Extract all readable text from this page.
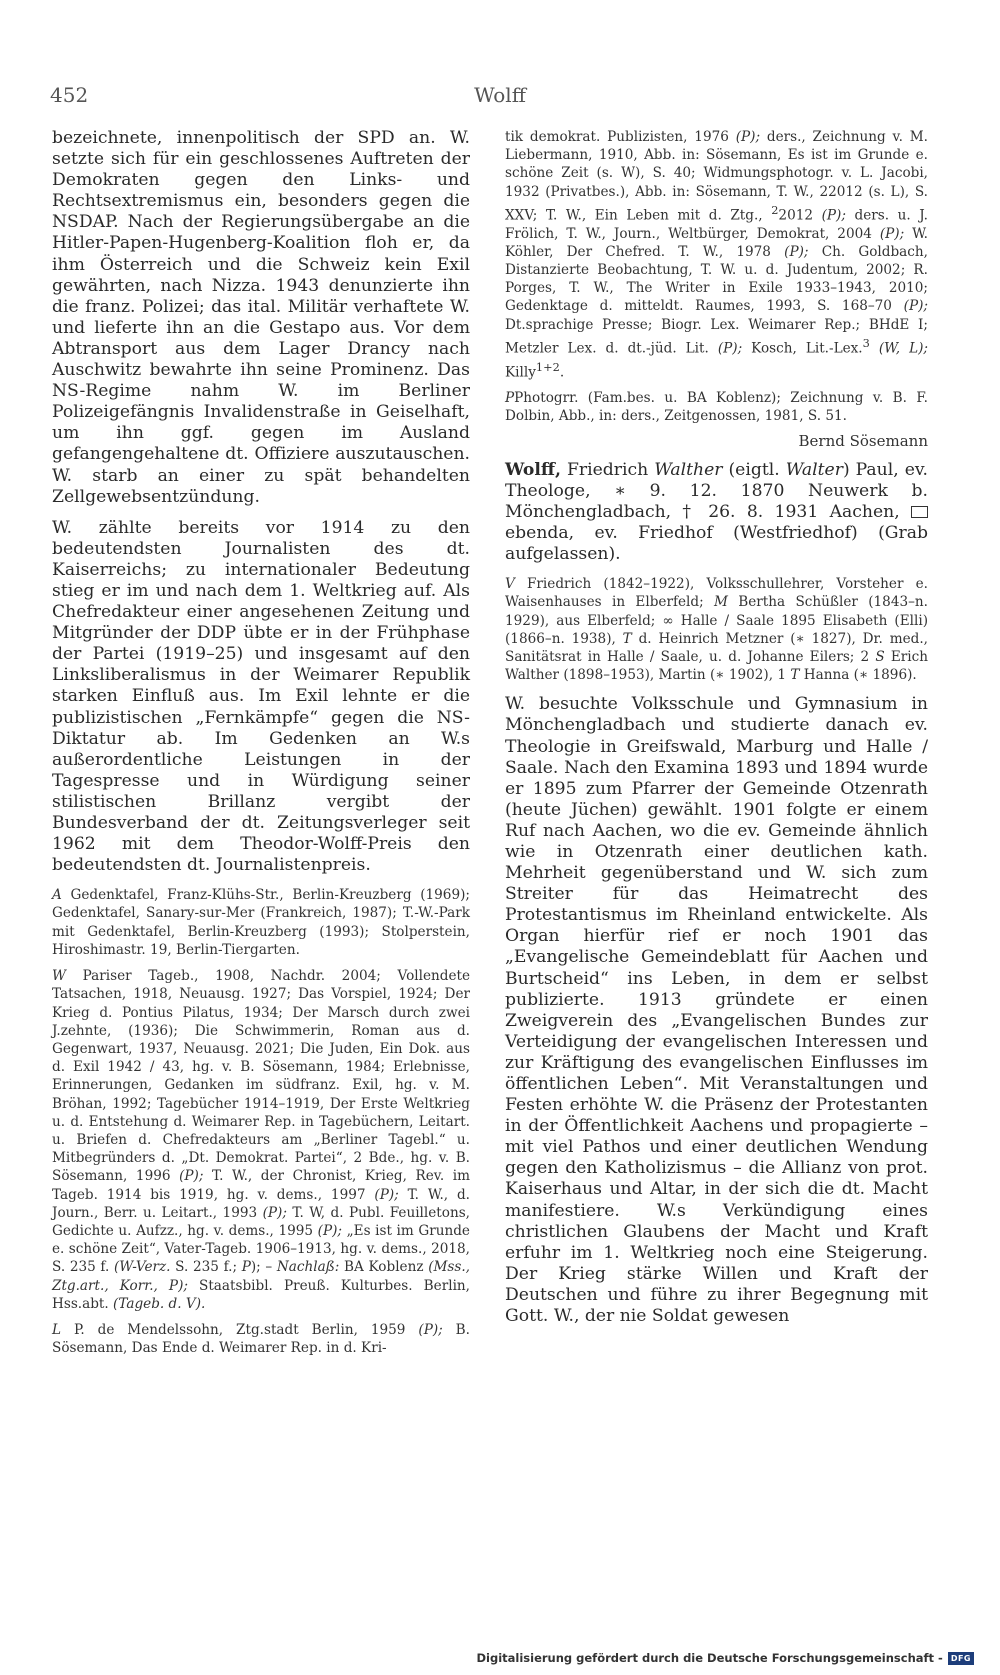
452	Wolff

bezeichnete, innenpolitisch der SPD an. W. setzte sich für ein geschlossenes Auftreten der Demokraten gegen den Links- und Rechtsextremismus ein, besonders gegen die NSDAP. Nach der Regierungsübergabe an die Hitler-Papen-Hugenberg-Koalition floh er, da ihm Österreich und die Schweiz kein Exil gewährten, nach Nizza. 1943 denunzierte ihn die franz. Polizei; das ital. Militär verhaftete W. und lieferte ihn an die Gestapo aus. Vor dem Abtransport aus dem Lager Drancy nach Auschwitz bewahrte ihn seine Prominenz. Das NS-Regime nahm W. im Berliner Polizeigefängnis Invalidenstraße in Geiselhaft, um ihn ggf. gegen im Ausland gefangengehaltene dt. Offiziere auszutauschen. W. starb an einer zu spät behandelten Zellgewebsentzündung.

W. zählte bereits vor 1914 zu den bedeutendsten Journalisten des dt. Kaiserreichs; zu internationaler Bedeutung stieg er im und nach dem 1. Weltkrieg auf. Als Chefredakteur einer angesehenen Zeitung und Mitgründer der DDP übte er in der Frühphase der Partei (1919–25) und insgesamt auf den Linksliberalismus in der Weimarer Republik starken Einfluß aus. Im Exil lehnte er die publizistischen „Fernkämpfe“ gegen die NS-Diktatur ab. Im Gedenken an W.s außerordentliche Leistungen in der Tagespresse und in Würdigung seiner stilistischen Brillanz vergibt der Bundesverband der dt. Zeitungsverleger seit 1962 mit dem Theodor-Wolff-Preis den bedeutendsten dt. Journalistenpreis.

A Gedenktafel, Franz-Klühs-Str., Berlin-Kreuzberg (1969); Gedenktafel, Sanary-sur-Mer (Frankreich, 1987); T.-W.-Park mit Gedenktafel, Berlin-Kreuzberg (1993); Stolperstein, Hiroshimastr. 19, Berlin-Tiergarten.

W Pariser Tageb., 1908, Nachdr. 2004; Vollendete Tatsachen, 1918, Neuausg. 1927; Das Vorspiel, 1924; Der Krieg d. Pontius Pilatus, 1934; Der Marsch durch zwei J.zehnte, (1936); Die Schwimmerin, Roman aus d. Gegenwart, 1937, Neuausg. 2021; Die Juden, Ein Dok. aus d. Exil 1942 / 43, hg. v. B. Sösemann, 1984; Erlebnisse, Erinnerungen, Gedanken im südfranz. Exil, hg. v. M. Bröhan, 1992; Tagebücher 1914–1919, Der Erste Weltkrieg u. d. Entstehung d. Weimarer Rep. in Tagebüchern, Leitart. u. Briefen d. Chefredakteurs am „Berliner Tagebl.“ u. Mitbegründers d. „Dt. Demokrat. Partei“, 2 Bde., hg. v. B. Sösemann, 1996 (P); T. W., der Chronist, Krieg, Rev. im Tageb. 1914 bis 1919, hg. v. dems., 1997 (P); T. W., d. Journ., Berr. u. Leitart., 1993 (P); T. W, d. Publ. Feuilletons, Gedichte u. Aufzz., hg. v. dems., 1995 (P); „Es ist im Grunde e. schöne Zeit“, Vater-Tageb. 1906–1913, hg. v. dems., 2018, S. 235 f. (W-Verz. S. 235 f.; P); – Nachlaß: BA Koblenz (Mss., Ztg.art., Korr., P); Staatsbibl. Preuß. Kulturbes. Berlin, Hss.abt. (Tageb. d. V).

L P. de Mendelssohn, Ztg.stadt Berlin, 1959 (P); B. Sösemann, Das Ende d. Weimarer Rep. in d. Kri-

tik demokrat. Publizisten, 1976 (P); ders., Zeichnung v. M. Liebermann, 1910, Abb. in: Sösemann, Es ist im Grunde e. schöne Zeit (s. W), S. 40; Widmungsphotogr. v. L. Jacobi, 1932 (Privatbes.), Abb. in: Sösemann, T. W., 22012 (s. L), S. XXV; T. W., Ein Leben mit d. Ztg., $^2$2012 (P); ders. u. J. Frölich, T. W., Journ., Weltbürger, Demokrat, 2004 (P); W. Köhler, Der Chefred. T. W., 1978 (P); Ch. Goldbach, Distanzierte Beobachtung, T. W. u. d. Judentum, 2002; R. Porges, T. W., The Writer in Exile 1933–1943, 2010; Gedenktage d. mitteldt. Raumes, 1993, S. 168–70 (P); Dt.sprachige Presse; Biogr. Lex. Weimarer Rep.; BHdE I; Metzler Lex. d. dt.-jüd. Lit. (P); Kosch, Lit.-Lex.$^3$ (W, L); Killy$^{1+2}$.

PPhotogrr. (Fam.bes. u. BA Koblenz); Zeichnung v. B. F. Dolbin, Abb., in: ders., Zeitgenossen, 1981, S. 51.

Bernd Sösemann

Wolff, Friedrich Walther (eigtl. Walter) Paul, ev. Theologe, ∗ 9. 12. 1870 Neuwerk b. Mönchengladbach, † 26. 8. 1931 Aachen,  ebenda, ev. Friedhof (Westfriedhof) (Grab aufgelassen).

V Friedrich (1842–1922), Volksschullehrer, Vorsteher e. Waisenhauses in Elberfeld; M Bertha Schüßler (1843–n. 1929), aus Elberfeld; ∞ Halle / Saale 1895 Elisabeth (Elli) (1866–n. 1938), T d. Heinrich Metzner (∗ 1827), Dr. med., Sanitätsrat in Halle / Saale, u. d. Johanne Eilers; 2 S Erich Walther (1898–1953), Martin (∗ 1902), 1 T Hanna (∗ 1896).

W. besuchte Volksschule und Gymnasium in Mönchengladbach und studierte danach ev. Theologie in Greifswald, Marburg und Halle / Saale. Nach den Examina 1893 und 1894 wurde er 1895 zum Pfarrer der Gemeinde Otzenrath (heute Jüchen) gewählt. 1901 folgte er einem Ruf nach Aachen, wo die ev. Gemeinde ähnlich wie in Otzenrath einer deutlichen kath. Mehrheit gegenüberstand und W. sich zum Streiter für das Heimatrecht des Protestantismus im Rheinland entwickelte. Als Organ hierfür rief er noch 1901 das „Evangelische Gemeindeblatt für Aachen und Burtscheid“ ins Leben, in dem er selbst publizierte. 1913 gründete er einen Zweigverein des „Evangelischen Bundes zur Verteidigung der evangelischen Interessen und zur Kräftigung des evangelischen Einflusses im öffentlichen Leben“. Mit Veranstaltungen und Festen erhöhte W. die Präsenz der Protestanten in der Öffentlichkeit Aachens und propagierte – mit viel Pathos und einer deutlichen Wendung gegen den Katholizismus – die Allianz von prot. Kaiserhaus und Altar, in der sich die dt. Macht manifestiere. W.s Verkündigung eines christlichen Glaubens der Macht und Kraft erfuhr im 1. Weltkrieg noch eine Steigerung. Der Krieg stärke Willen und Kraft der Deutschen und führe zu ihrer Begegnung mit Gott. W., der nie Soldat gewesen

Digitalisierung gefördert durch die Deutsche Forschungsgemeinschaft -	DFG
